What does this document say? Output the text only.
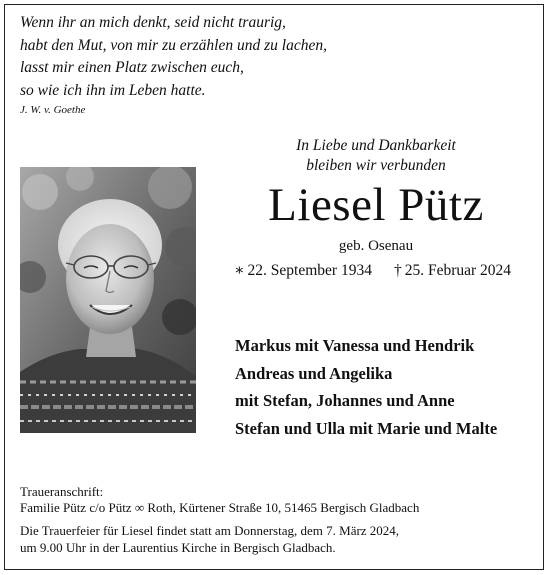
Wenn ihr an mich denkt, seid nicht traurig,
habt den Mut, von mir zu erzählen und zu lachen,
lasst mir einen Platz zwischen euch,
so wie ich ihn im Leben hatte.
J. W. v. Goethe
In Liebe und Dankbarkeit
bleiben wir verbunden
Liesel Pütz
geb. Osenau
∗ 22. September 1934 † 25. Februar 2024
Markus mit Vanessa und Hendrik
Andreas und Angelika
mit Stefan, Johannes und Anne
Stefan und Ulla mit Marie und Malte
Traueranschrift:
Familie Pütz c/o Pütz ∞ Roth, Kürtener Straße 10, 51465 Bergisch Gladbach
Die Trauerfeier für Liesel findet statt am Donnerstag, dem 7. März 2024,
um 9.00 Uhr in der Laurentius Kirche in Bergisch Gladbach.
